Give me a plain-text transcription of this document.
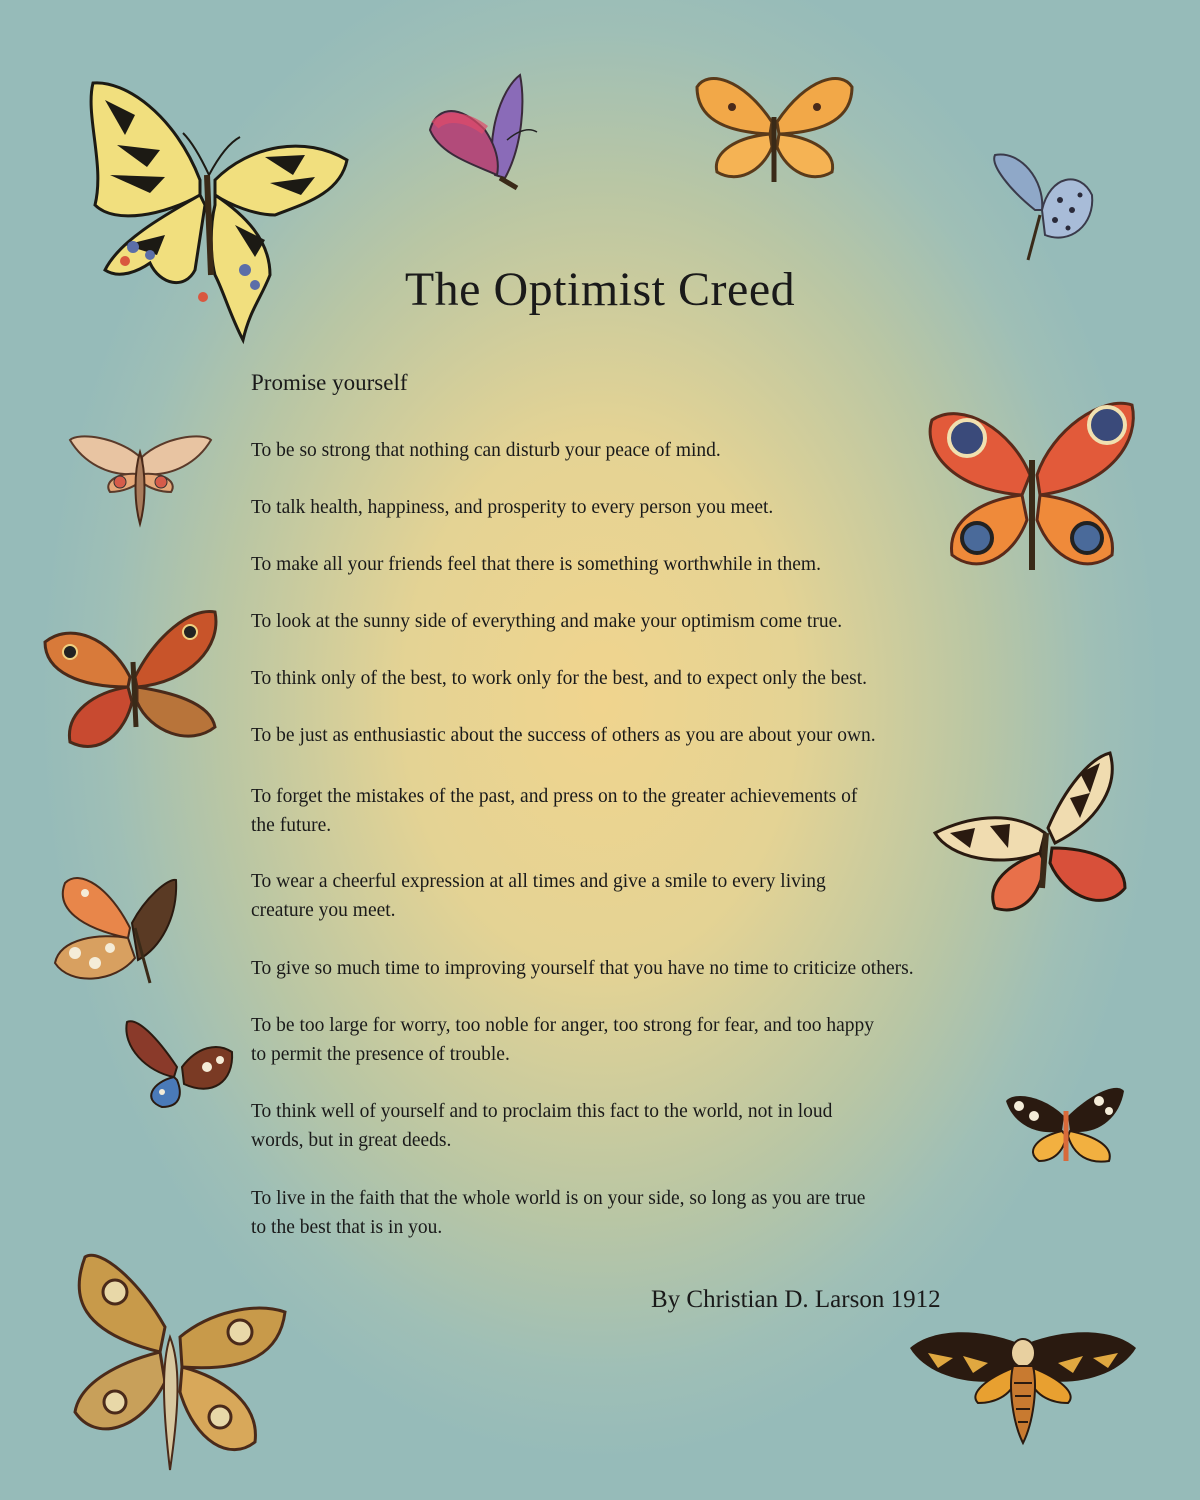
The Optimist Creed

Promise yourself

To be so strong that nothing can disturb your peace of mind.

To talk health, happiness, and prosperity to every person you meet.

To make all your friends feel that there is something worthwhile in them.

To look at the sunny side of everything and make your optimism come true.

To think only of the best, to work only for the best, and to expect only the best.

To be just as enthusiastic about the success of others as you are about your own.

To forget the mistakes of the past, and press on to the greater achievements of
the future.

To wear a cheerful expression at all times and give a smile to every living
creature you meet.

To give so much time to improving yourself that you have no time to criticize others.

To be too large for worry, too noble for anger, too strong for fear, and too happy
to permit the presence of trouble.

To think well of yourself and to proclaim this fact to the world, not in loud
words, but in great deeds.

To live in the faith that the whole world is on your side, so long as you are true
to the best that is in you.

By Christian D. Larson 1912
